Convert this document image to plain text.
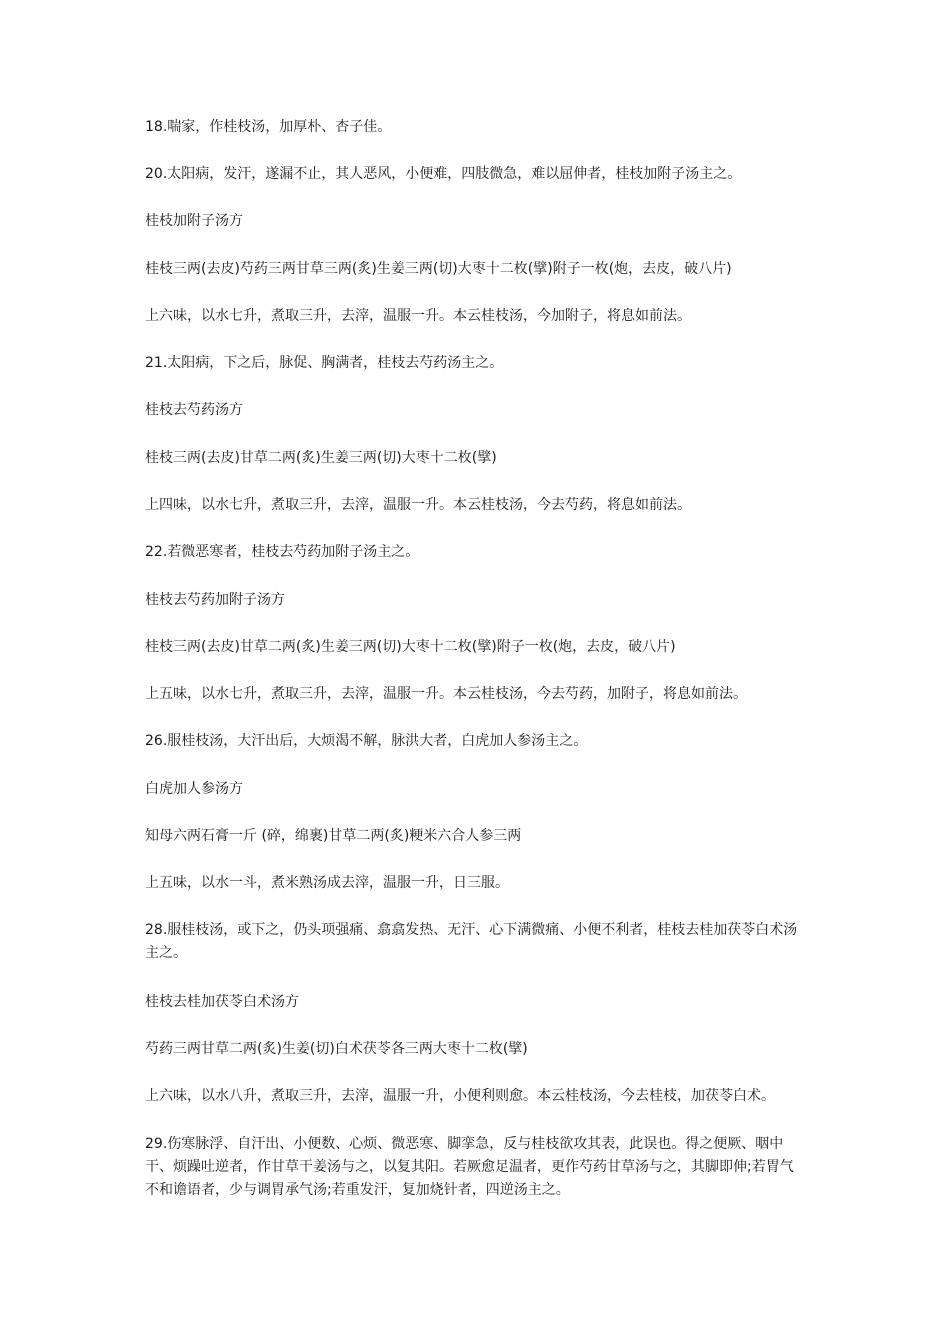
18.喘家，作桂枝汤，加厚朴、杏子佳。

20.太阳病，发汗，遂漏不止，其人恶风，小便难，四肢微急，难以屈伸者，桂枝加附子汤主之。

桂枝加附子汤方

桂枝三两(去皮)芍药三两甘草三两(炙)生姜三两(切)大枣十二枚(擘)附子一枚(炮，去皮，破八片)

上六味，以水七升，煮取三升，去滓，温服一升。本云桂枝汤，今加附子，将息如前法。

21.太阳病，下之后，脉促、胸满者，桂枝去芍药汤主之。

桂枝去芍药汤方

桂枝三两(去皮)甘草二两(炙)生姜三两(切)大枣十二枚(擘)

上四味，以水七升，煮取三升，去滓，温服一升。本云桂枝汤，今去芍药，将息如前法。

22.若微恶寒者，桂枝去芍药加附子汤主之。

桂枝去芍药加附子汤方

桂枝三两(去皮)甘草二两(炙)生姜三两(切)大枣十二枚(擘)附子一枚(炮，去皮，破八片)

上五味，以水七升，煮取三升，去滓，温服一升。本云桂枝汤，今去芍药，加附子，将息如前法。

26.服桂枝汤，大汗出后，大烦渴不解，脉洪大者，白虎加人参汤主之。

白虎加人参汤方

知母六两石膏一斤 (碎，绵裹)甘草二两(炙)粳米六合人参三两

上五味，以水一斗，煮米熟汤成去滓，温服一升，日三服。

28.服桂枝汤，或下之，仍头项强痛、翕翕发热、无汗、心下满微痛、小便不利者，桂枝去桂加茯苓白术汤主之。

桂枝去桂加茯苓白术汤方

芍药三两甘草二两(炙)生姜(切)白术茯苓各三两大枣十二枚(擘)

上六味，以水八升，煮取三升，去滓，温服一升，小便利则愈。本云桂枝汤，今去桂枝，加茯苓白术。

29.伤寒脉浮、自汗出、小便数、心烦、微恶寒、脚挛急，反与桂枝欲攻其表，此误也。得之便厥、咽中干、烦躁吐逆者，作甘草干姜汤与之，以复其阳。若厥愈足温者，更作芍药甘草汤与之，其脚即伸;若胃气不和谵语者，少与调胃承气汤;若重发汗，复加烧针者，四逆汤主之。
